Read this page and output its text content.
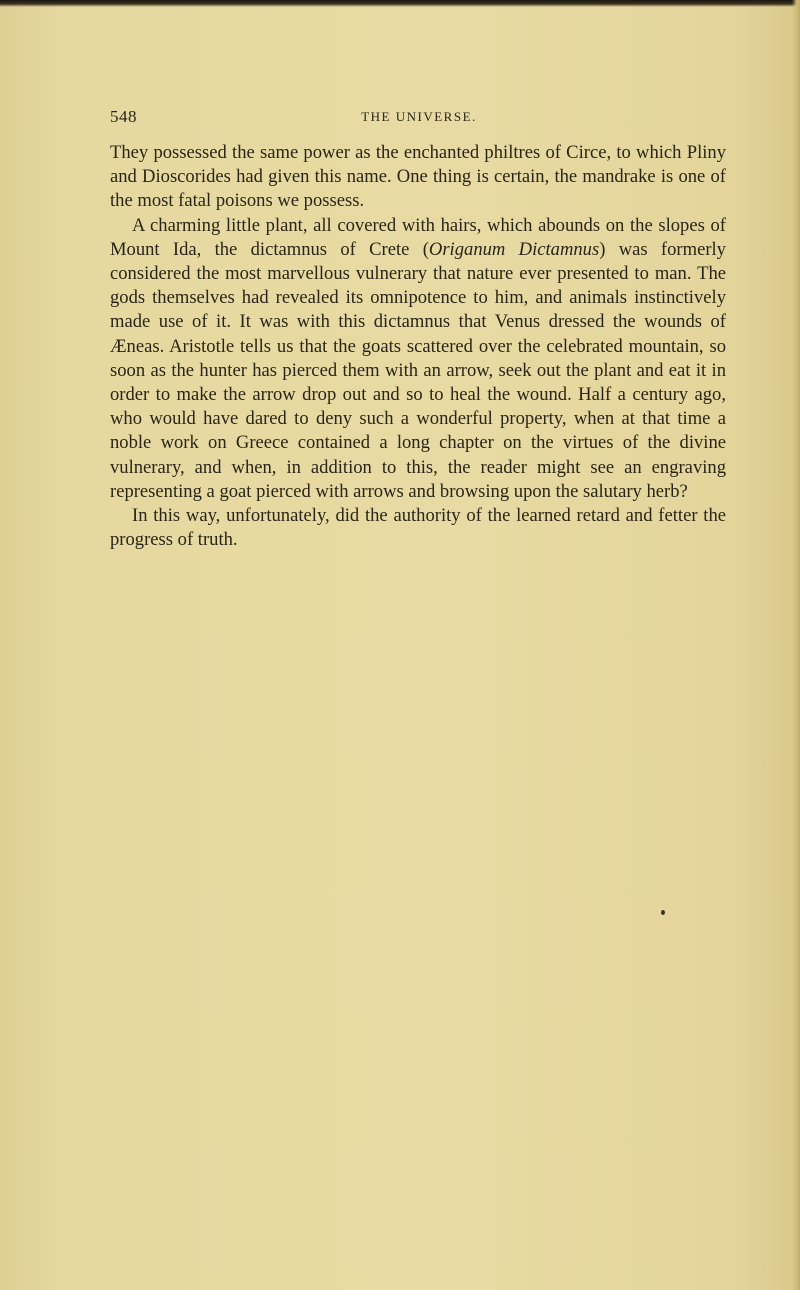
548	THE UNIVERSE.

They possessed the same power as the enchanted philtres of Circe, to which Pliny and Dioscorides had given this name. One thing is certain, the mandrake is one of the most fatal poisons we possess.

A charming little plant, all covered with hairs, which abounds on the slopes of Mount Ida, the dictamnus of Crete (Origanum Dictamnus) was formerly considered the most marvellous vulnerary that nature ever presented to man. The gods themselves had revealed its omnipotence to him, and animals instinctively made use of it. It was with this dictamnus that Venus dressed the wounds of Æneas. Aristotle tells us that the goats scattered over the celebrated mountain, so soon as the hunter has pierced them with an arrow, seek out the plant and eat it in order to make the arrow drop out and so to heal the wound. Half a century ago, who would have dared to deny such a wonderful property, when at that time a noble work on Greece contained a long chapter on the virtues of the divine vulnerary, and when, in addition to this, the reader might see an engraving representing a goat pierced with arrows and browsing upon the salutary herb?

In this way, unfortunately, did the authority of the learned retard and fetter the progress of truth.
